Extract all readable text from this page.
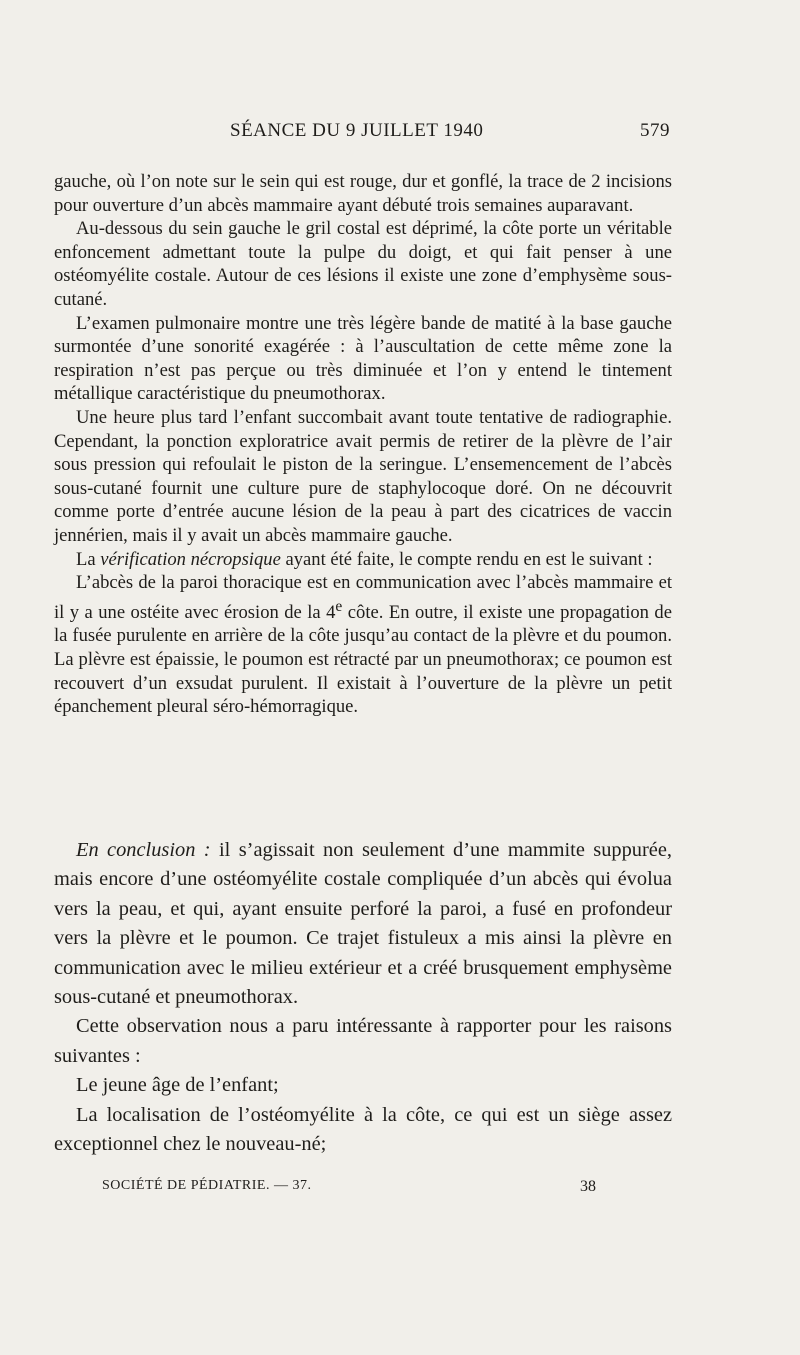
SÉANCE DU 9 JUILLET 1940	579

gauche, où l’on note sur le sein qui est rouge, dur et gonflé, la trace de 2 incisions pour ouverture d’un abcès mammaire ayant débuté trois semaines auparavant.

Au-dessous du sein gauche le gril costal est déprimé, la côte porte un véritable enfoncement admettant toute la pulpe du doigt, et qui fait penser à une ostéomyélite costale. Autour de ces lésions il existe une zone d’emphysème sous-cutané.

L’examen pulmonaire montre une très légère bande de matité à la base gauche surmontée d’une sonorité exagérée : à l’auscultation de cette même zone la respiration n’est pas perçue ou très diminuée et l’on y entend le tintement métallique caractéristique du pneumothorax.

Une heure plus tard l’enfant succombait avant toute tentative de radiographie. Cependant, la ponction exploratrice avait permis de retirer de la plèvre de l’air sous pression qui refoulait le piston de la seringue. L’ensemencement de l’abcès sous-cutané fournit une culture pure de staphylocoque doré. On ne découvrit comme porte d’entrée aucune lésion de la peau à part des cicatrices de vaccin jennérien, mais il y avait un abcès mammaire gauche.

La vérification nécropsique ayant été faite, le compte rendu en est le suivant :

L’abcès de la paroi thoracique est en communication avec l’abcès mammaire et il y a une ostéite avec érosion de la 4e côte. En outre, il existe une propagation de la fusée purulente en arrière de la côte jusqu’au contact de la plèvre et du poumon. La plèvre est épaissie, le poumon est rétracté par un pneumothorax; ce poumon est recouvert d’un exsudat purulent. Il existait à l’ouverture de la plèvre un petit épanchement pleural séro-hémorragique.

En conclusion : il s’agissait non seulement d’une mammite suppurée, mais encore d’une ostéomyélite costale compliquée d’un abcès qui évolua vers la peau, et qui, ayant ensuite perforé la paroi, a fusé en profondeur vers la plèvre et le poumon. Ce trajet fistuleux a mis ainsi la plèvre en communication avec le milieu extérieur et a créé brusquement emphysème sous-cutané et pneumothorax.

Cette observation nous a paru intéressante à rapporter pour les raisons suivantes :

Le jeune âge de l’enfant;

La localisation de l’ostéomyélite à la côte, ce qui est un siège assez exceptionnel chez le nouveau-né;

SOCIÉTÉ DE PÉDIATRIE. — 37.	38
